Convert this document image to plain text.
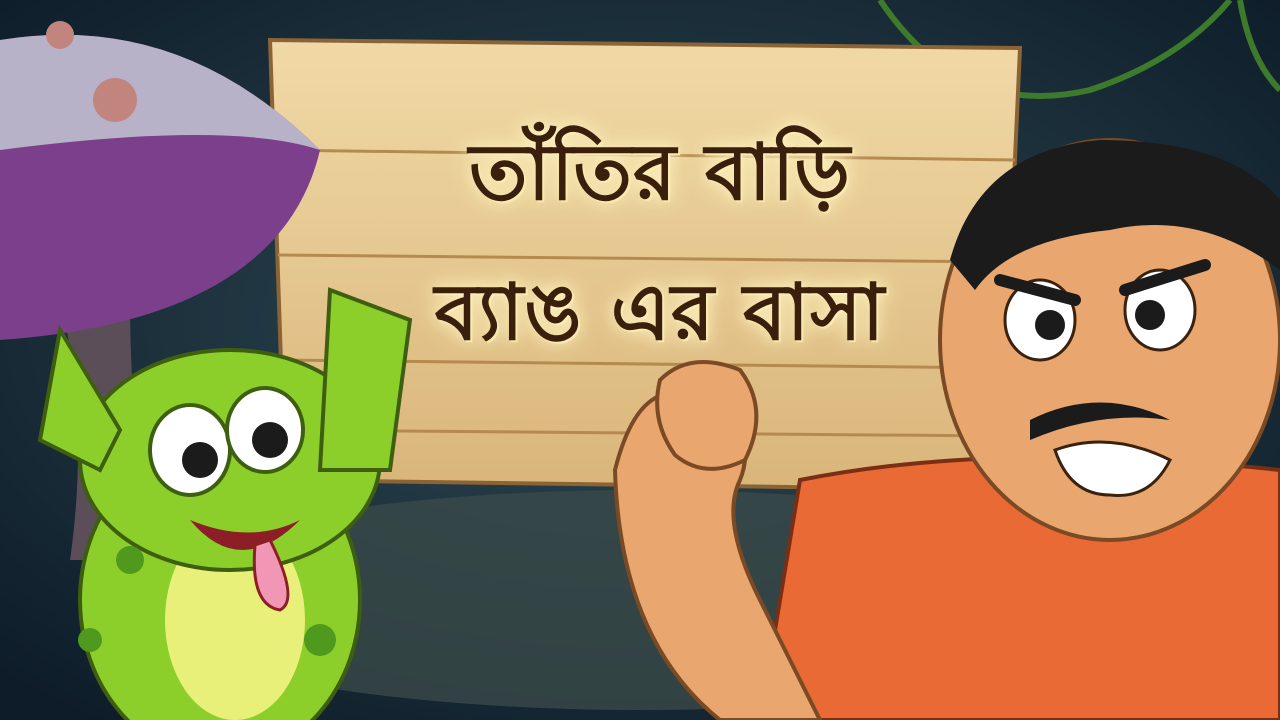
তাঁতির বাড়ি
ব্যাঙ এর বাসা
